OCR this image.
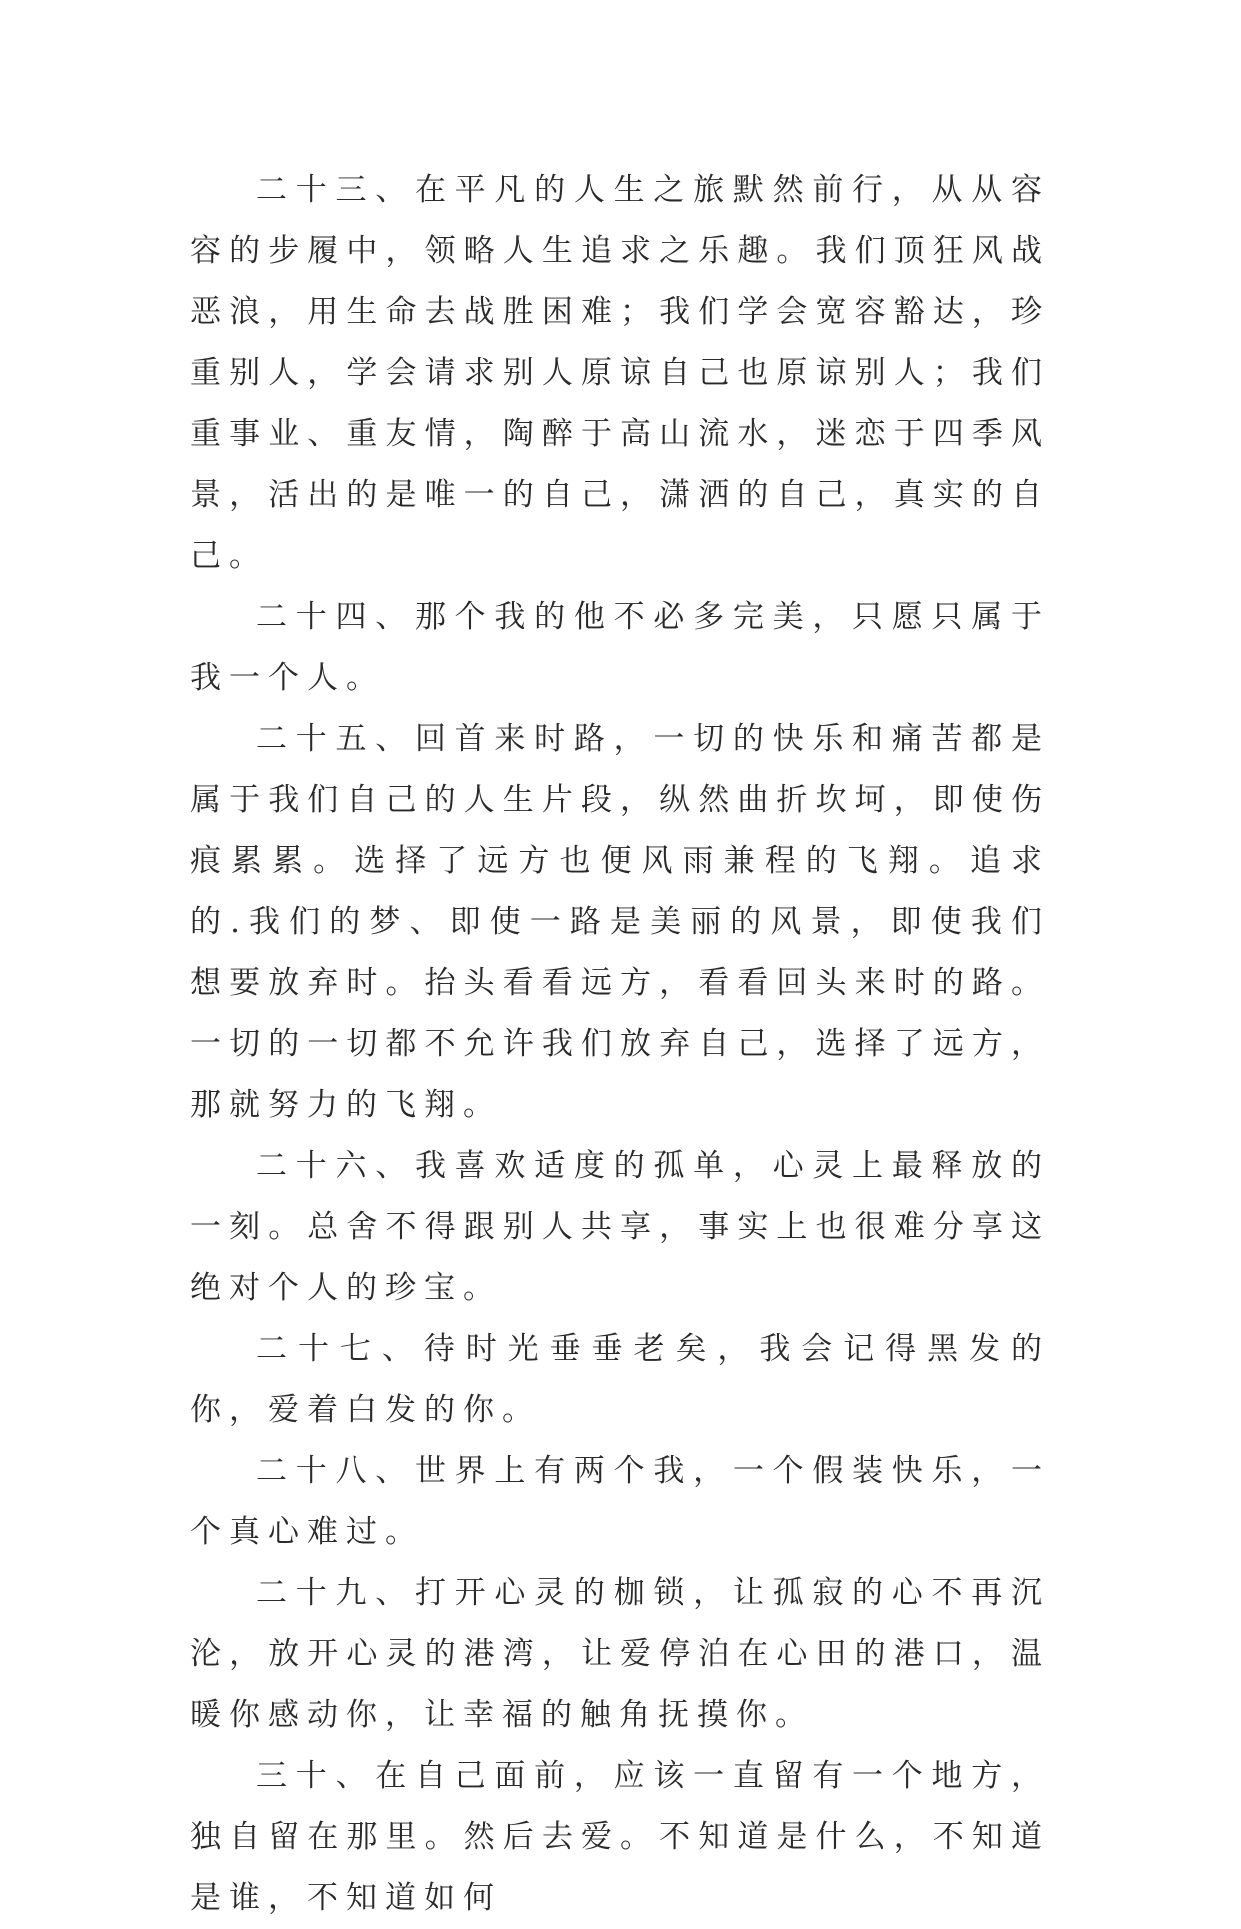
二十三、在平凡的人生之旅默然前行，从从容容的步履中，领略人生追求之乐趣。我们顶狂风战恶浪，用生命去战胜困难；我们学会宽容豁达，珍重别人，学会请求别人原谅自己也原谅别人；我们重事业、重友情，陶醉于高山流水，迷恋于四季风景，活出的是唯一的自己，潇洒的自己，真实的自己。

二十四、那个我的他不必多完美，只愿只属于我一个人。

二十五、回首来时路，一切的快乐和痛苦都是属于我们自己的人生片段，纵然曲折坎坷，即使伤痕累累。选择了远方也便风雨兼程的飞翔。追求的.我们的梦、即使一路是美丽的风景，即使我们想要放弃时。抬头看看远方，看看回头来时的路。一切的一切都不允许我们放弃自己，选择了远方，那就努力的飞翔。

二十六、我喜欢适度的孤单，心灵上最释放的一刻。总舍不得跟别人共享，事实上也很难分享这绝对个人的珍宝。

二十七、待时光垂垂老矣，我会记得黑发的你，爱着白发的你。

二十八、世界上有两个我，一个假装快乐，一个真心难过。

二十九、打开心灵的枷锁，让孤寂的心不再沉沦，放开心灵的港湾，让爱停泊在心田的港口，温暖你感动你，让幸福的触角抚摸你。

三十、在自己面前，应该一直留有一个地方，独自留在那里。然后去爱。不知道是什么，不知道是谁，不知道如何
